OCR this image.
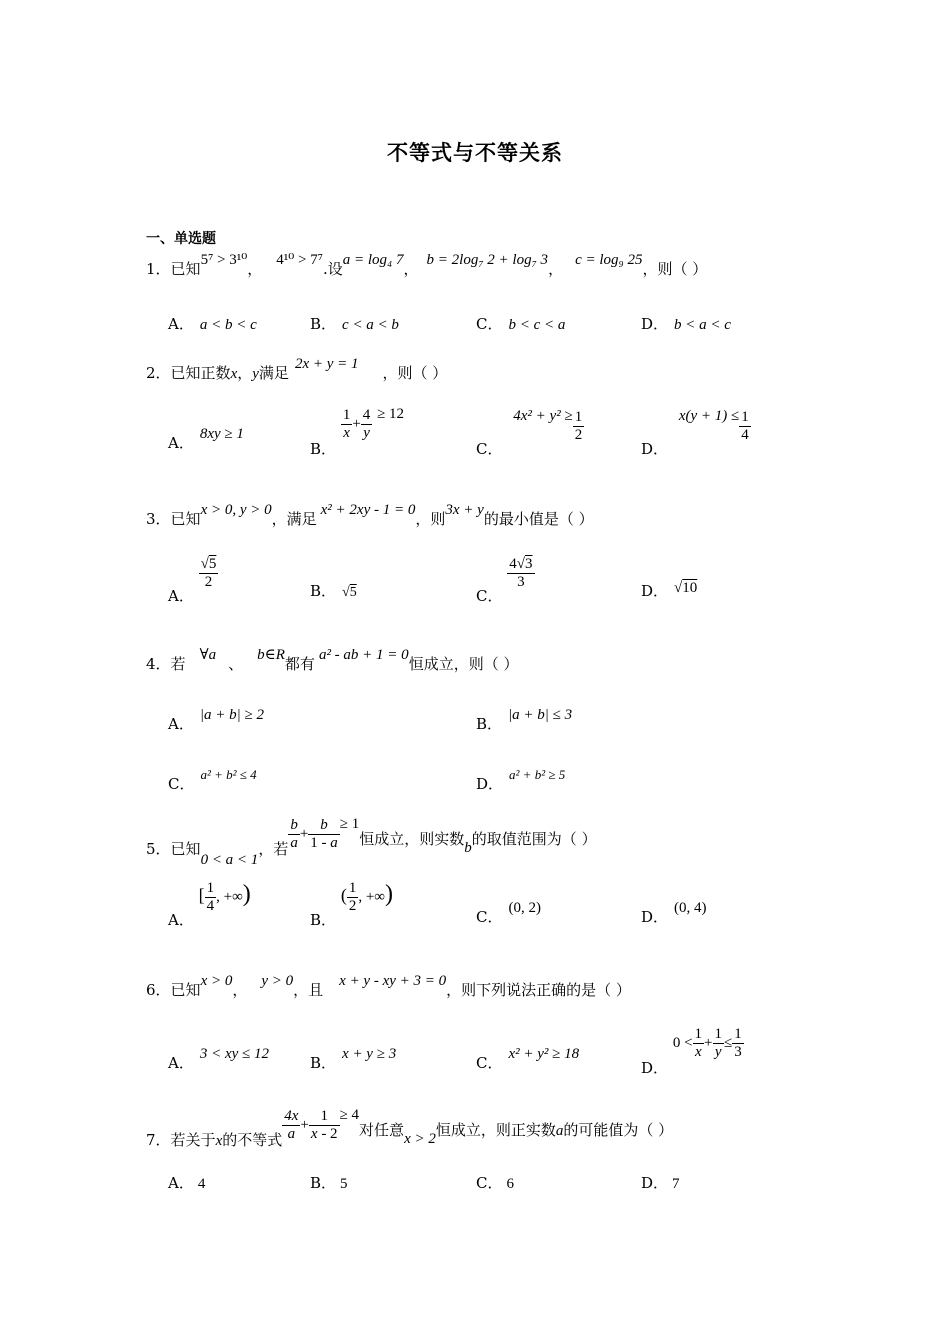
不等式与不等关系
一、单选题
1．已知5⁷ > 3¹⁰， 4¹⁰ > 7⁷.设a = log₄ 7， b = 2log₇ 2 + log₇ 3， c = log₉ 25，则（ ）
A． a < b < c	B． c < a < b	C． b < c < a	D． b < a < c
2．已知正数x，y满足 2x + y = 1 ，则（ ）
A． 8xy ≥ 1
B．
$\frac{1}{x} + \frac{4}{y} \ge 12$
C． $4x^2 + y^2 \ge \frac{1}{2}$
D． $x(y + 1) \le \frac{1}{4}$
3．已知x > 0, y > 0，满足 x² + 2xy - 1 = 0，则3x + y的最小值是（ ）
A．
$\frac{√5}{2}$
B． √5	C．
$\frac{4√3}{3}$
D． √10
4．若 ∀a 、 b∈R都有 a² - ab + 1 = 0恒成立，则（ ）
A． |a + b| ≥ 2	B． |a + b| ≤ 3
C．a² + b² ≤ 4
D．a² + b² ≥ 5
5．已知0 < a < 1，若 $\frac{b}{a} + \frac{b}{1 - a} \ge 1$恒成立，则实数b的取值范围为（ ）
A． [ $\frac{1}{4}$ , +∞)
B． ( $\frac{1}{2}$ , +∞)
C． (0, 2)	D． (0, 4)
6．已知x > 0， y > 0，且 x + y - xy + 3 = 0，则下列说法正确的是（ ）
A． 3 < xy ≤ 12	B． x + y ≥ 3	C． x² + y² ≥ 18
D． $0 < \frac{1}{x} + \frac{1}{y} \le \frac{1}{3}$
7．若关于x的不等式 $\frac{4x}{a} + \frac{1}{x - 2} \ge 4$对任意x > 2恒成立，则正实数a的可能值为（ ）
A． 4	B． 5	C． 6	D． 7
